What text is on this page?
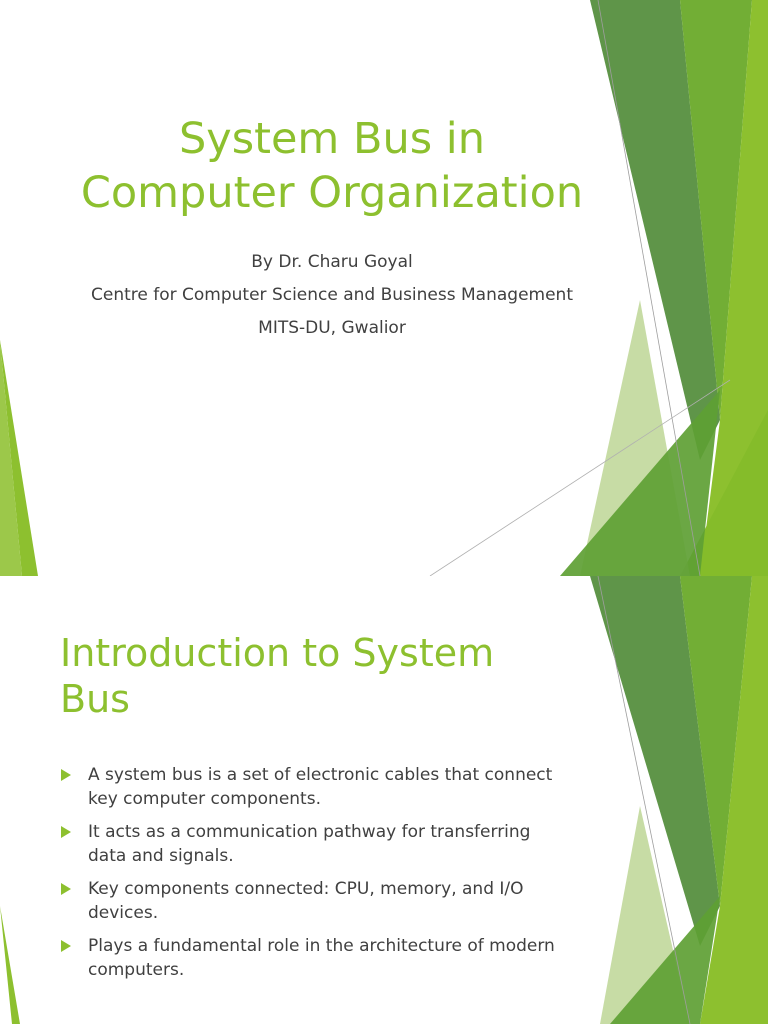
System Bus in
Computer Organization

By Dr. Charu Goyal

Centre for Computer Science and Business Management

MITS-DU, Gwalior

Introduction to System
Bus
A system bus is a set of electronic cables that connect key computer components.
It acts as a communication pathway for transferring data and signals.
Key components connected: CPU, memory, and I/O devices.
Plays a fundamental role in the architecture of modern computers.
